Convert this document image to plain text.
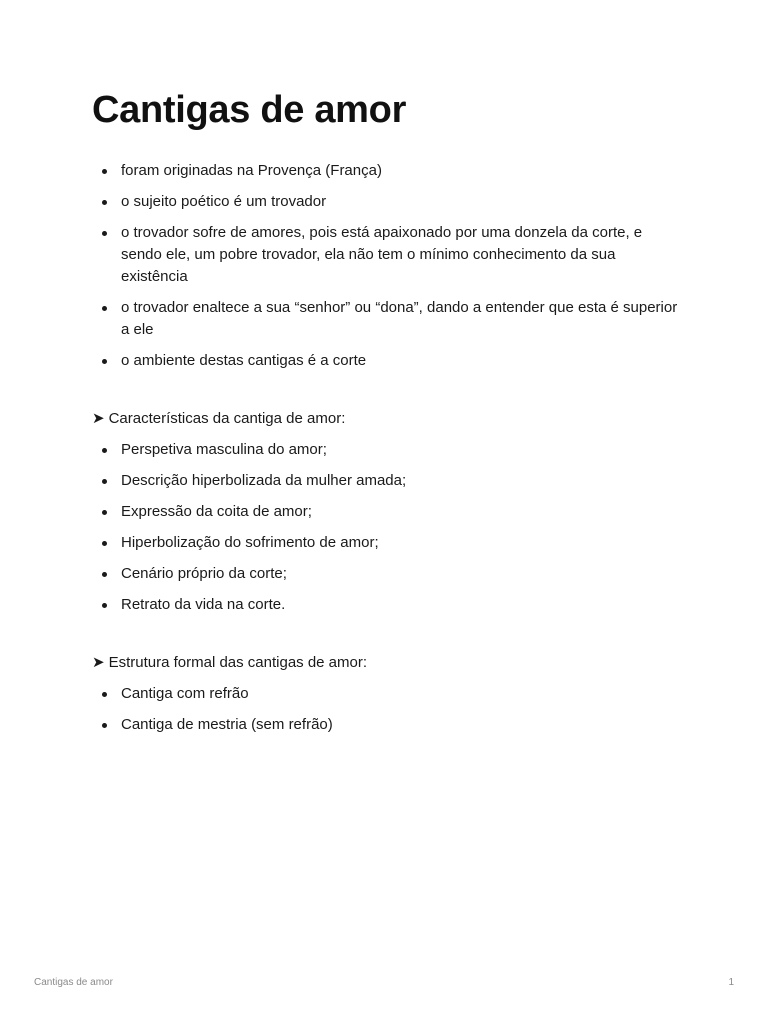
Cantigas de amor
foram originadas na Provença (França)
o sujeito poético é um trovador
o trovador sofre de amores, pois está apaixonado por uma donzela da corte, e sendo ele, um pobre trovador, ela não tem o mínimo conhecimento da sua existência
o trovador enaltece a sua “senhor” ou “dona”, dando a entender que esta é superior a ele
o ambiente destas cantigas é a corte

➤ Características da cantiga de amor:

Perspetiva masculina do amor;
Descrição hiperbolizada da mulher amada;
Expressão da coita de amor;
Hiperbolização do sofrimento de amor;
Cenário próprio da corte;
Retrato da vida na corte.

➤ Estrutura formal das cantigas de amor:

Cantiga com refrão
Cantiga de mestria (sem refrão)
Cantigas de amor	1
